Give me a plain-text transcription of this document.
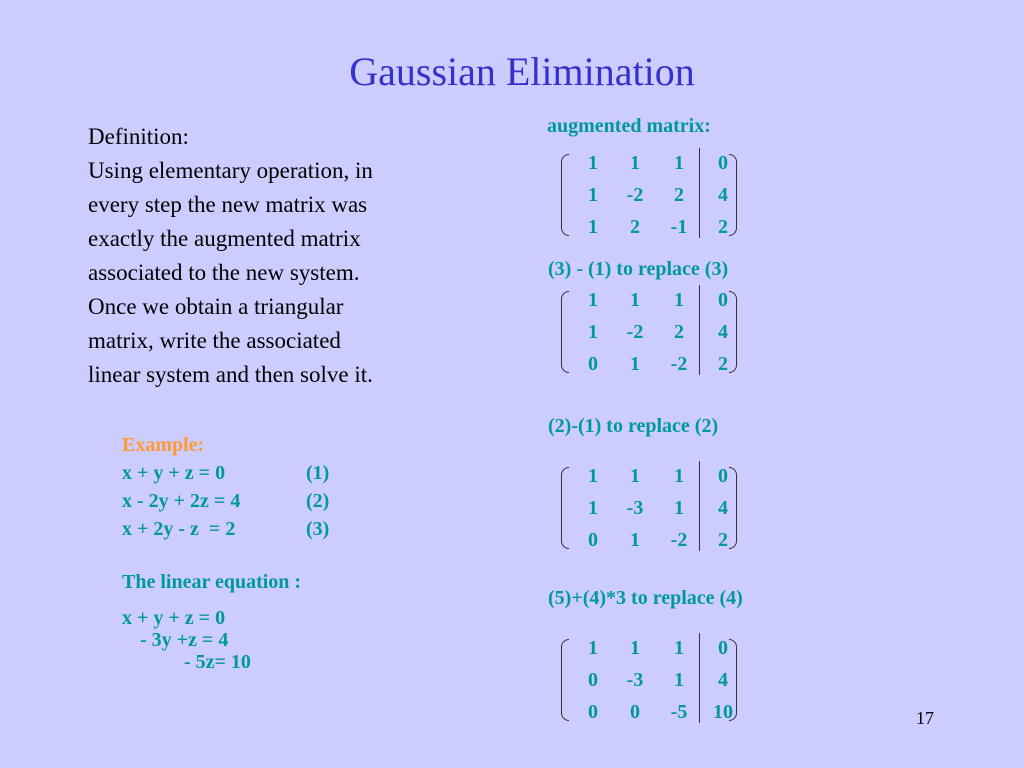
Gaussian Elimination
Definition:
Using elementary operation, in
every step the new matrix was
exactly the augmented matrix
associated to the new system.
Once we obtain a triangular
matrix, write the associated
linear system and then solve it.
Example:
x + y + z = 0	(1)
x - 2y + 2z = 4	(2)
x + 2y - z  = 2	(3)
The linear equation :
x + y + z = 0
- 3y +z = 4
- 5z= 10
augmented matrix:
(3) - (1) to replace (3)
(2)-(1) to replace (2)
(5)+(4)*3 to replace (4)
1	1	1	0
1	-2	2	4
1	2	-1	2
1	1	1	0
1	-2	2	4
0	1	-2	2
1	1	1	0
1	-3	1	4
0	1	-2	2
1	1	1	0
0	-3	1	4
0	0	-5	10	17
